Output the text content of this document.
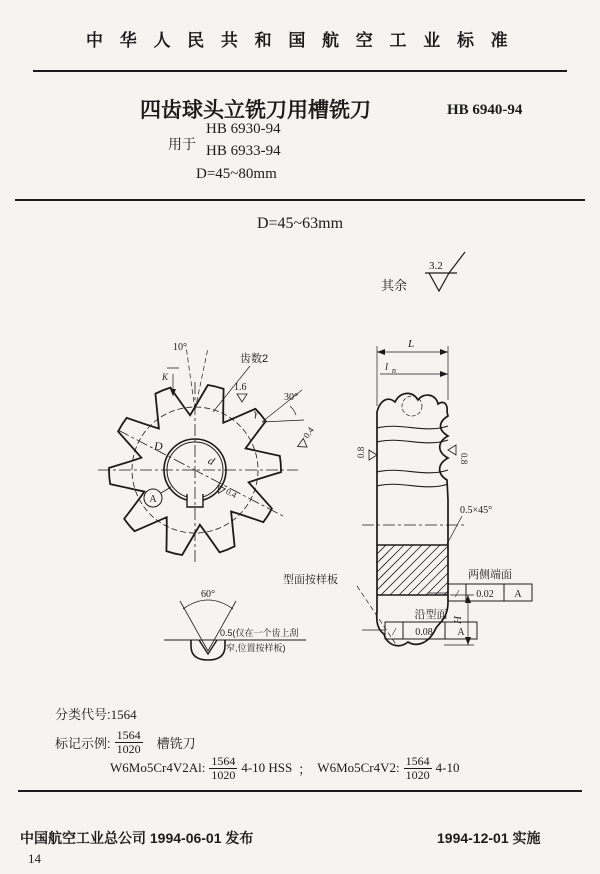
中 华 人 民 共 和 国 航 空 工 业 标 准
四齿球头立铣刀用槽铣刀	HB 6940-94
用于
HB 6930-94
HB 6933-94
D=45~80mm
D=45~63mm
其余
3.2
10°
齿数2
1.6
30°
γ
K
0.4
D
d
0.4
A
60°
0.5(仅在一个齿上刮
窄,位置按样板)
L
l n
0.8
0.8
0.5×45°
H
型面按样板	两侧端面
/ 0.02 A
沿型面
/ 0.08 A
分类代号:1564
标记示例: $\frac{1564}{1020}$ 槽铣刀
W6Mo5Cr4V2Al: $\frac{1564}{1020} 4-10$ HSS ； W6Mo5Cr4V2: $\frac{1564}{1020} 4-10$
中国航空工业总公司 1994-06-01 发布	1994-12-01 实施
14
